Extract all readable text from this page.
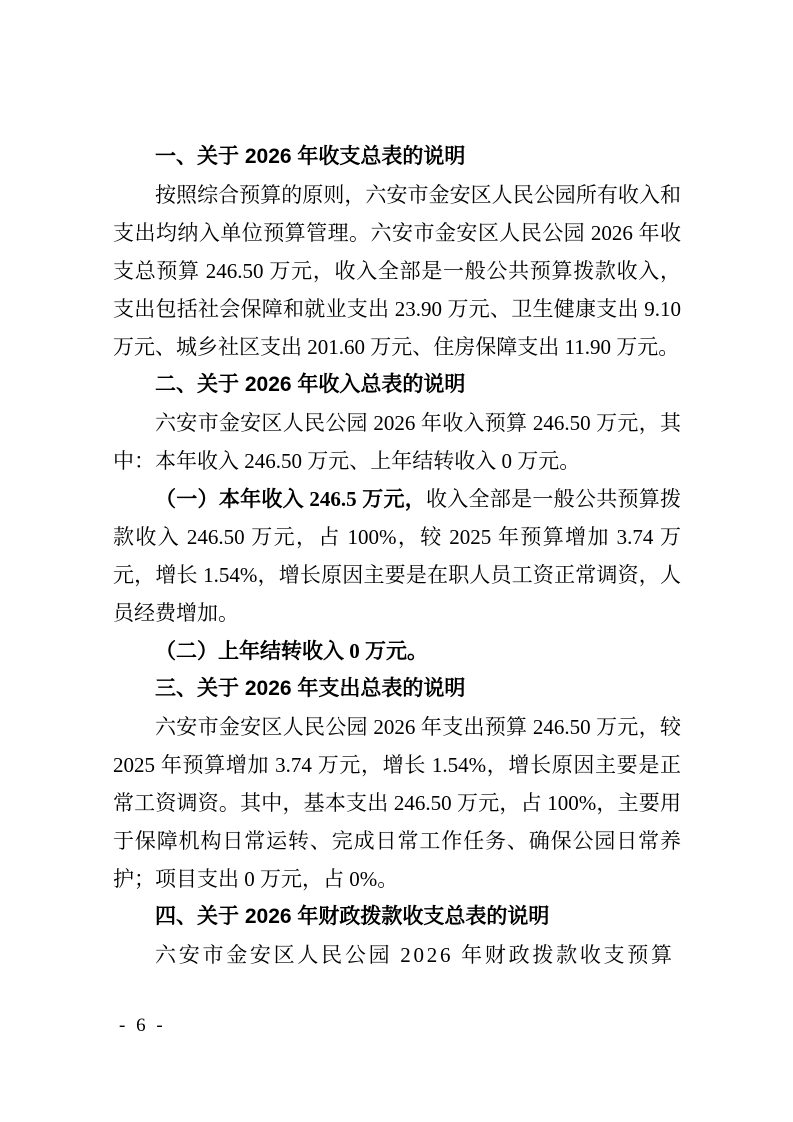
一、关于 2026 年收支总表的说明

按照综合预算的原则，六安市金安区人民公园所有收入和支出均纳入单位预算管理。六安市金安区人民公园 2026 年收支总预算 246.50 万元，收入全部是一般公共预算拨款收入，支出包括社会保障和就业支出 23.90 万元、卫生健康支出 9.10 万元、城乡社区支出 201.60 万元、住房保障支出 11.90 万元。

二、关于 2026 年收入总表的说明

六安市金安区人民公园 2026 年收入预算 246.50 万元，其中：本年收入 246.50 万元、上年结转收入 0 万元。

（一）本年收入 246.5 万元，收入全部是一般公共预算拨款收入 246.50 万元，占 100%，较 2025 年预算增加 3.74 万元，增长 1.54%，增长原因主要是在职人员工资正常调资，人员经费增加。

（二）上年结转收入 0 万元。

三、关于 2026 年支出总表的说明

六安市金安区人民公园 2026 年支出预算 246.50 万元，较 2025 年预算增加 3.74 万元，增长 1.54%，增长原因主要是正常工资调资。其中，基本支出 246.50 万元，占 100%，主要用于保障机构日常运转、完成日常工作任务、确保公园日常养护；项目支出 0 万元，占 0%。

四、关于 2026 年财政拨款收支总表的说明

六安市金安区人民公园 2026 年财政拨款收支预算

- 6 -
